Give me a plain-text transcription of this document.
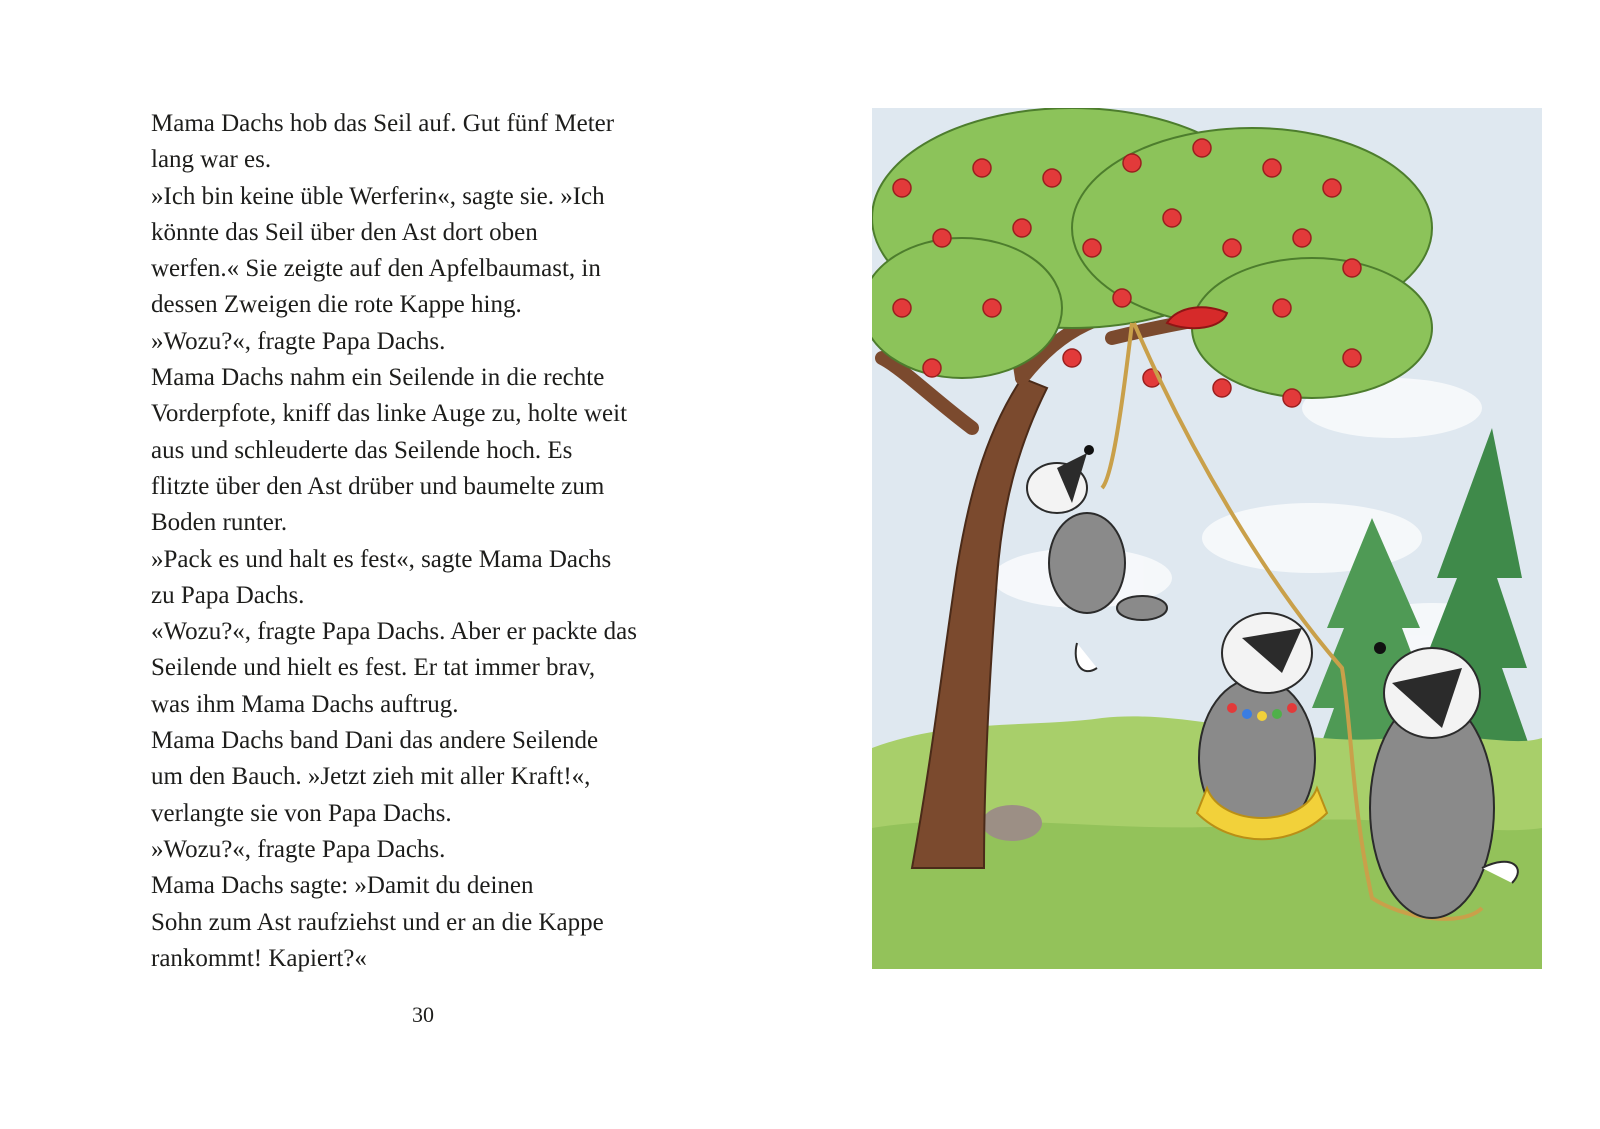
Mama Dachs hob das Seil auf. Gut fünf Meter
lang war es.
»Ich bin keine üble Werferin«, sagte sie. »Ich
könnte das Seil über den Ast dort oben
werfen.« Sie zeigte auf den Apfelbaumast, in
dessen Zweigen die rote Kappe hing.
»Wozu?«, fragte Papa Dachs.
Mama Dachs nahm ein Seilende in die rechte
Vorderpfote, kniff das linke Auge zu, holte weit
aus und schleuderte das Seilende hoch. Es
flitzte über den Ast drüber und baumelte zum
Boden runter.
»Pack es und halt es fest«, sagte Mama Dachs
zu Papa Dachs.
«Wozu?«, fragte Papa Dachs. Aber er packte das
Seilende und hielt es fest. Er tat immer brav,
was ihm Mama Dachs auftrug.
Mama Dachs band Dani das andere Seilende
um den Bauch. »Jetzt zieh mit aller Kraft!«,
verlangte sie von Papa Dachs.
»Wozu?«, fragte Papa Dachs.
Mama Dachs sagte: »Damit du deinen
Sohn zum Ast raufziehst und er an die Kappe
rankommt! Kapiert?«

30
